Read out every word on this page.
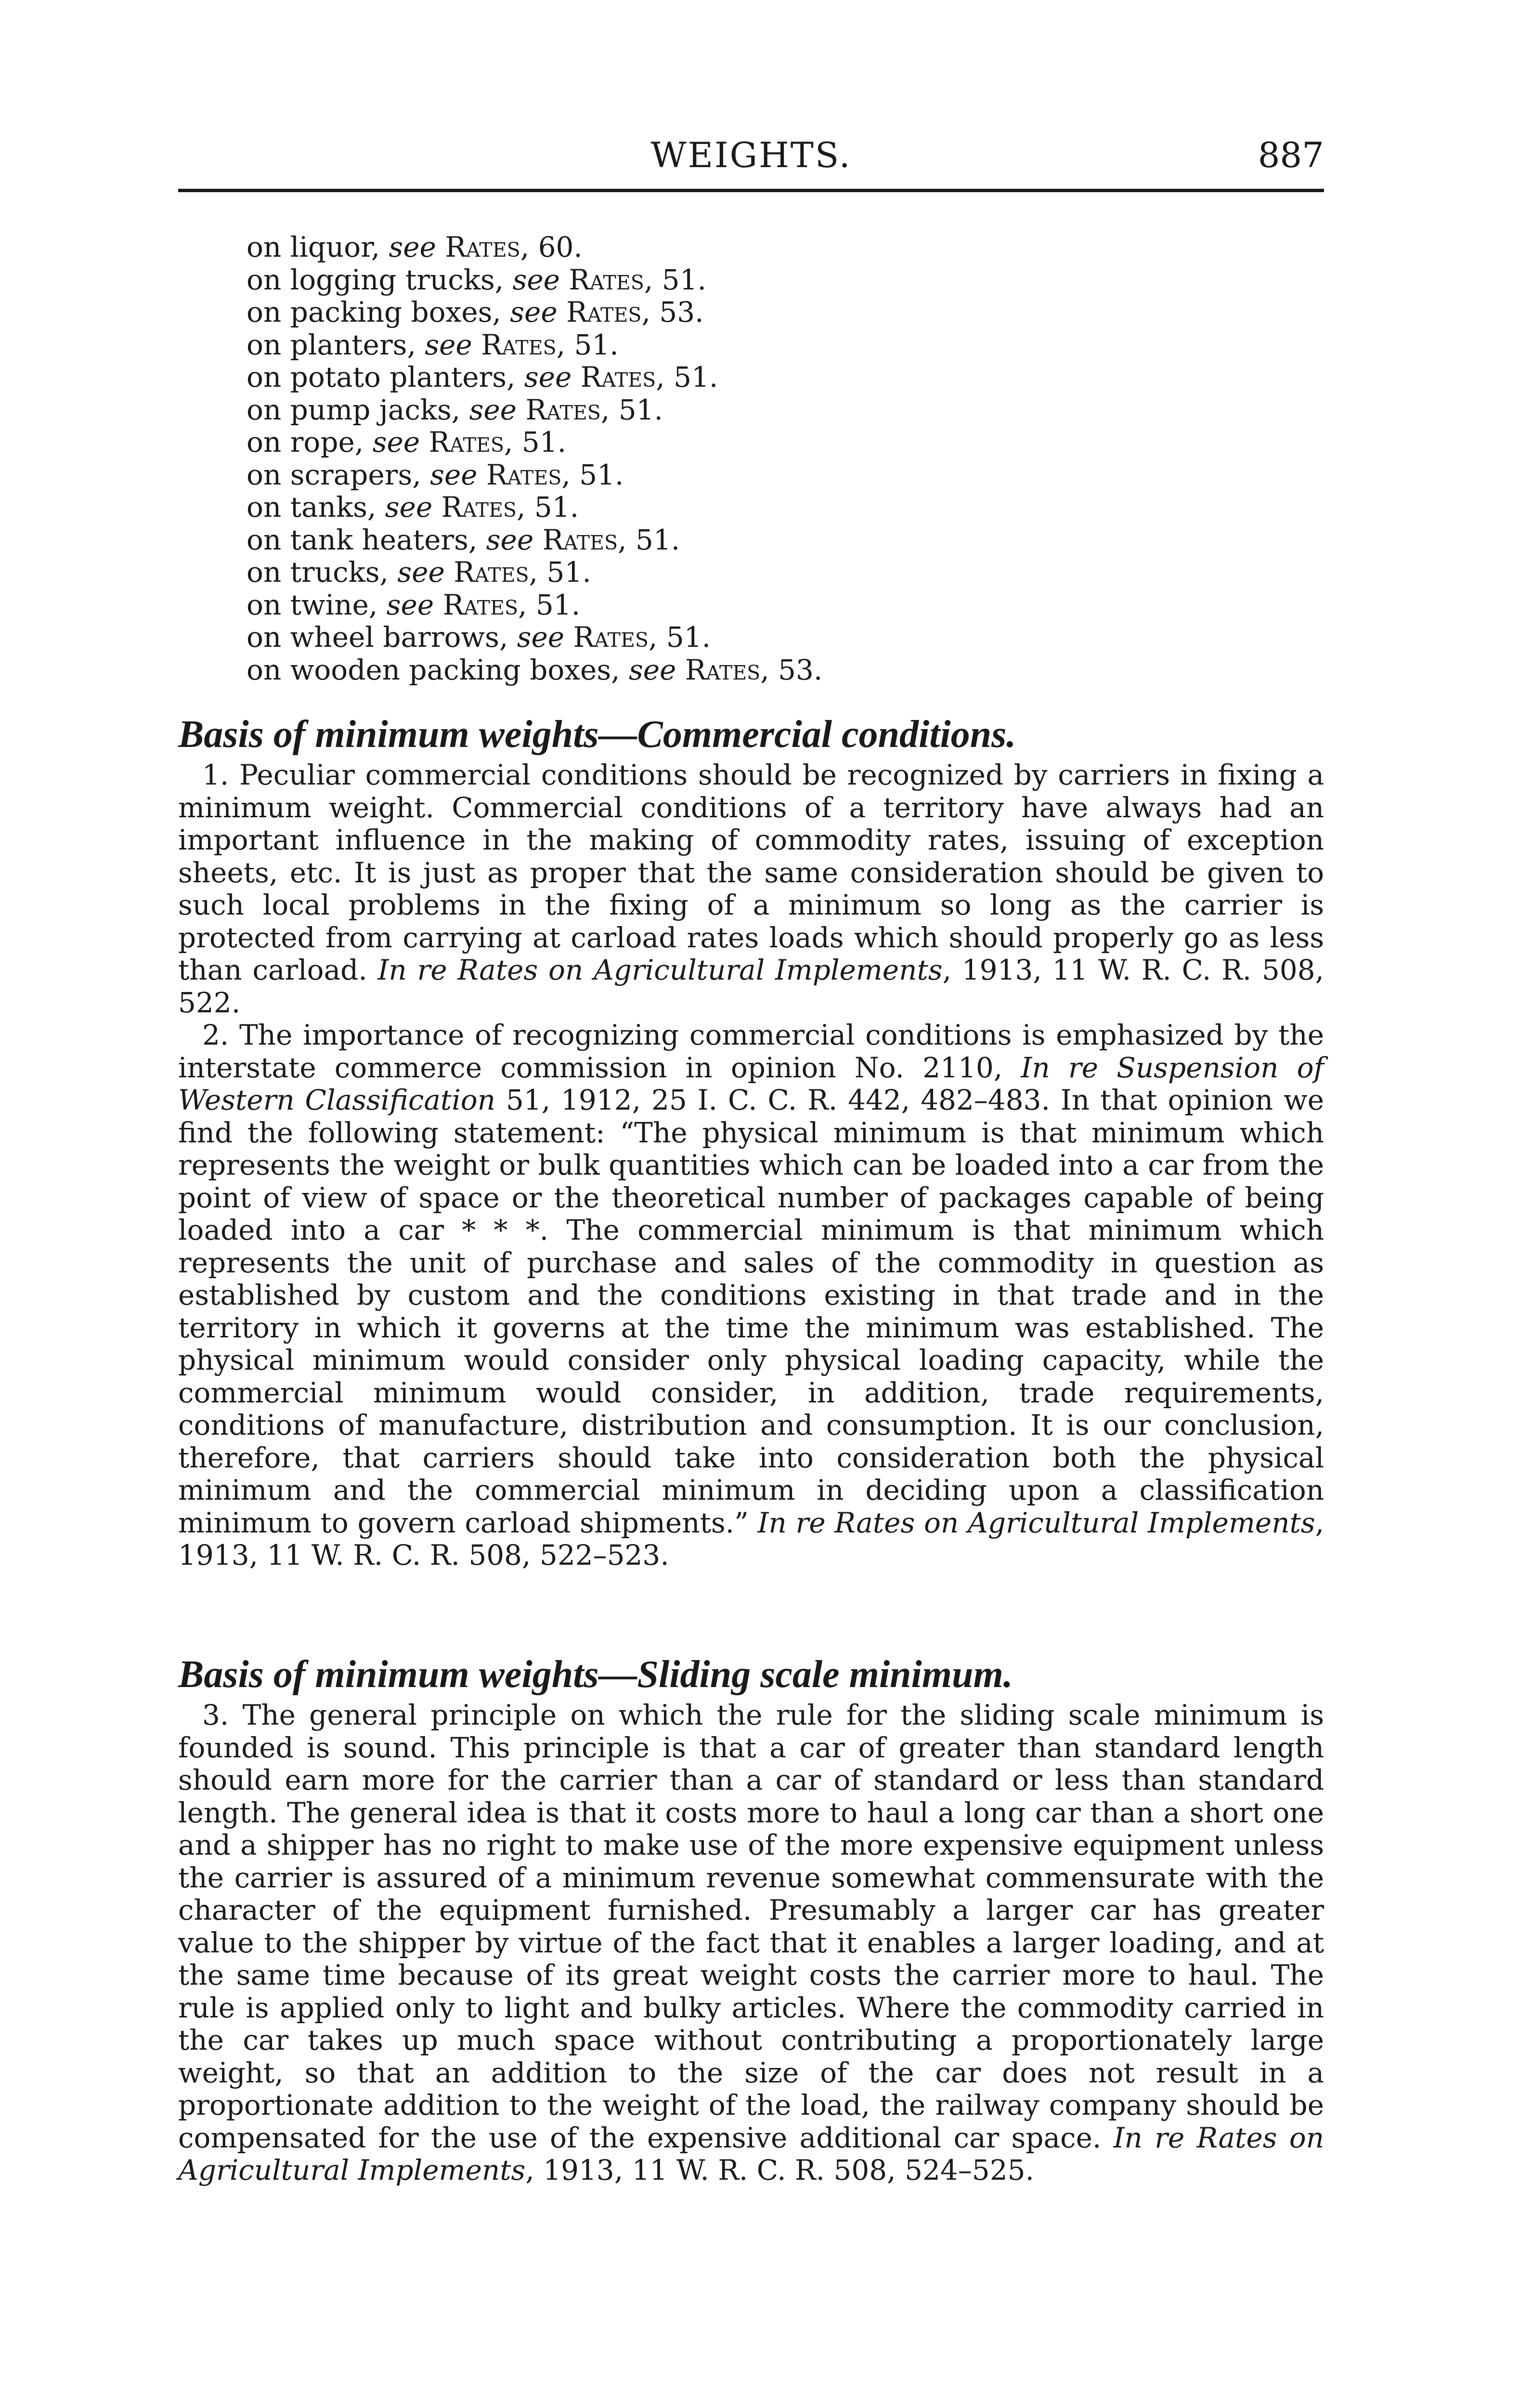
WEIGHTS.	887
on liquor, see Rates, 60.
on logging trucks, see Rates, 51.
on packing boxes, see Rates, 53.
on planters, see Rates, 51.
on potato planters, see Rates, 51.
on pump jacks, see Rates, 51.
on rope, see Rates, 51.
on scrapers, see Rates, 51.
on tanks, see Rates, 51.
on tank heaters, see Rates, 51.
on trucks, see Rates, 51.
on twine, see Rates, 51.
on wheel barrows, see Rates, 51.
on wooden packing boxes, see Rates, 53.
Basis of minimum weights—Commercial conditions.

1. Peculiar commercial conditions should be recognized by carriers in fixing a minimum weight. Commercial conditions of a territory have always had an important influence in the making of commodity rates, issuing of exception sheets, etc. It is just as proper that the same consideration should be given to such local problems in the fixing of a minimum so long as the carrier is protected from carrying at carload rates loads which should properly go as less than carload. In re Rates on Agricultural Implements, 1913, 11 W. R. C. R. 508, 522.

2. The importance of recognizing commercial conditions is emphasized by the interstate commerce commission in opinion No. 2110, In re Suspension of Western Classification 51, 1912, 25 I. C. C. R. 442, 482–483. In that opinion we find the following statement: “The physical minimum is that minimum which represents the weight or bulk quantities which can be loaded into a car from the point of view of space or the theoretical number of packages capable of being loaded into a car * * *. The commercial minimum is that minimum which represents the unit of purchase and sales of the commodity in question as established by custom and the conditions existing in that trade and in the territory in which it governs at the time the minimum was established. The physical minimum would consider only physical loading capacity, while the commercial minimum would consider, in addition, trade requirements, conditions of manufacture, distribution and consumption. It is our conclusion, therefore, that carriers should take into consideration both the physical minimum and the commercial minimum in deciding upon a classification minimum to govern carload shipments.” In re Rates on Agricultural Implements, 1913, 11 W. R. C. R. 508, 522–523.

Basis of minimum weights—Sliding scale minimum.

3. The general principle on which the rule for the sliding scale minimum is founded is sound. This principle is that a car of greater than standard length should earn more for the carrier than a car of standard or less than standard length. The general idea is that it costs more to haul a long car than a short one and a shipper has no right to make use of the more expensive equipment unless the carrier is assured of a minimum revenue somewhat commensurate with the character of the equipment furnished. Presumably a larger car has greater value to the shipper by virtue of the fact that it enables a larger loading, and at the same time because of its great weight costs the carrier more to haul. The rule is applied only to light and bulky articles. Where the commodity carried in the car takes up much space without contributing a proportionately large weight, so that an addition to the size of the car does not result in a proportionate addition to the weight of the load, the railway company should be compensated for the use of the expensive additional car space. In re Rates on Agricultural Implements, 1913, 11 W. R. C. R. 508, 524–525.
